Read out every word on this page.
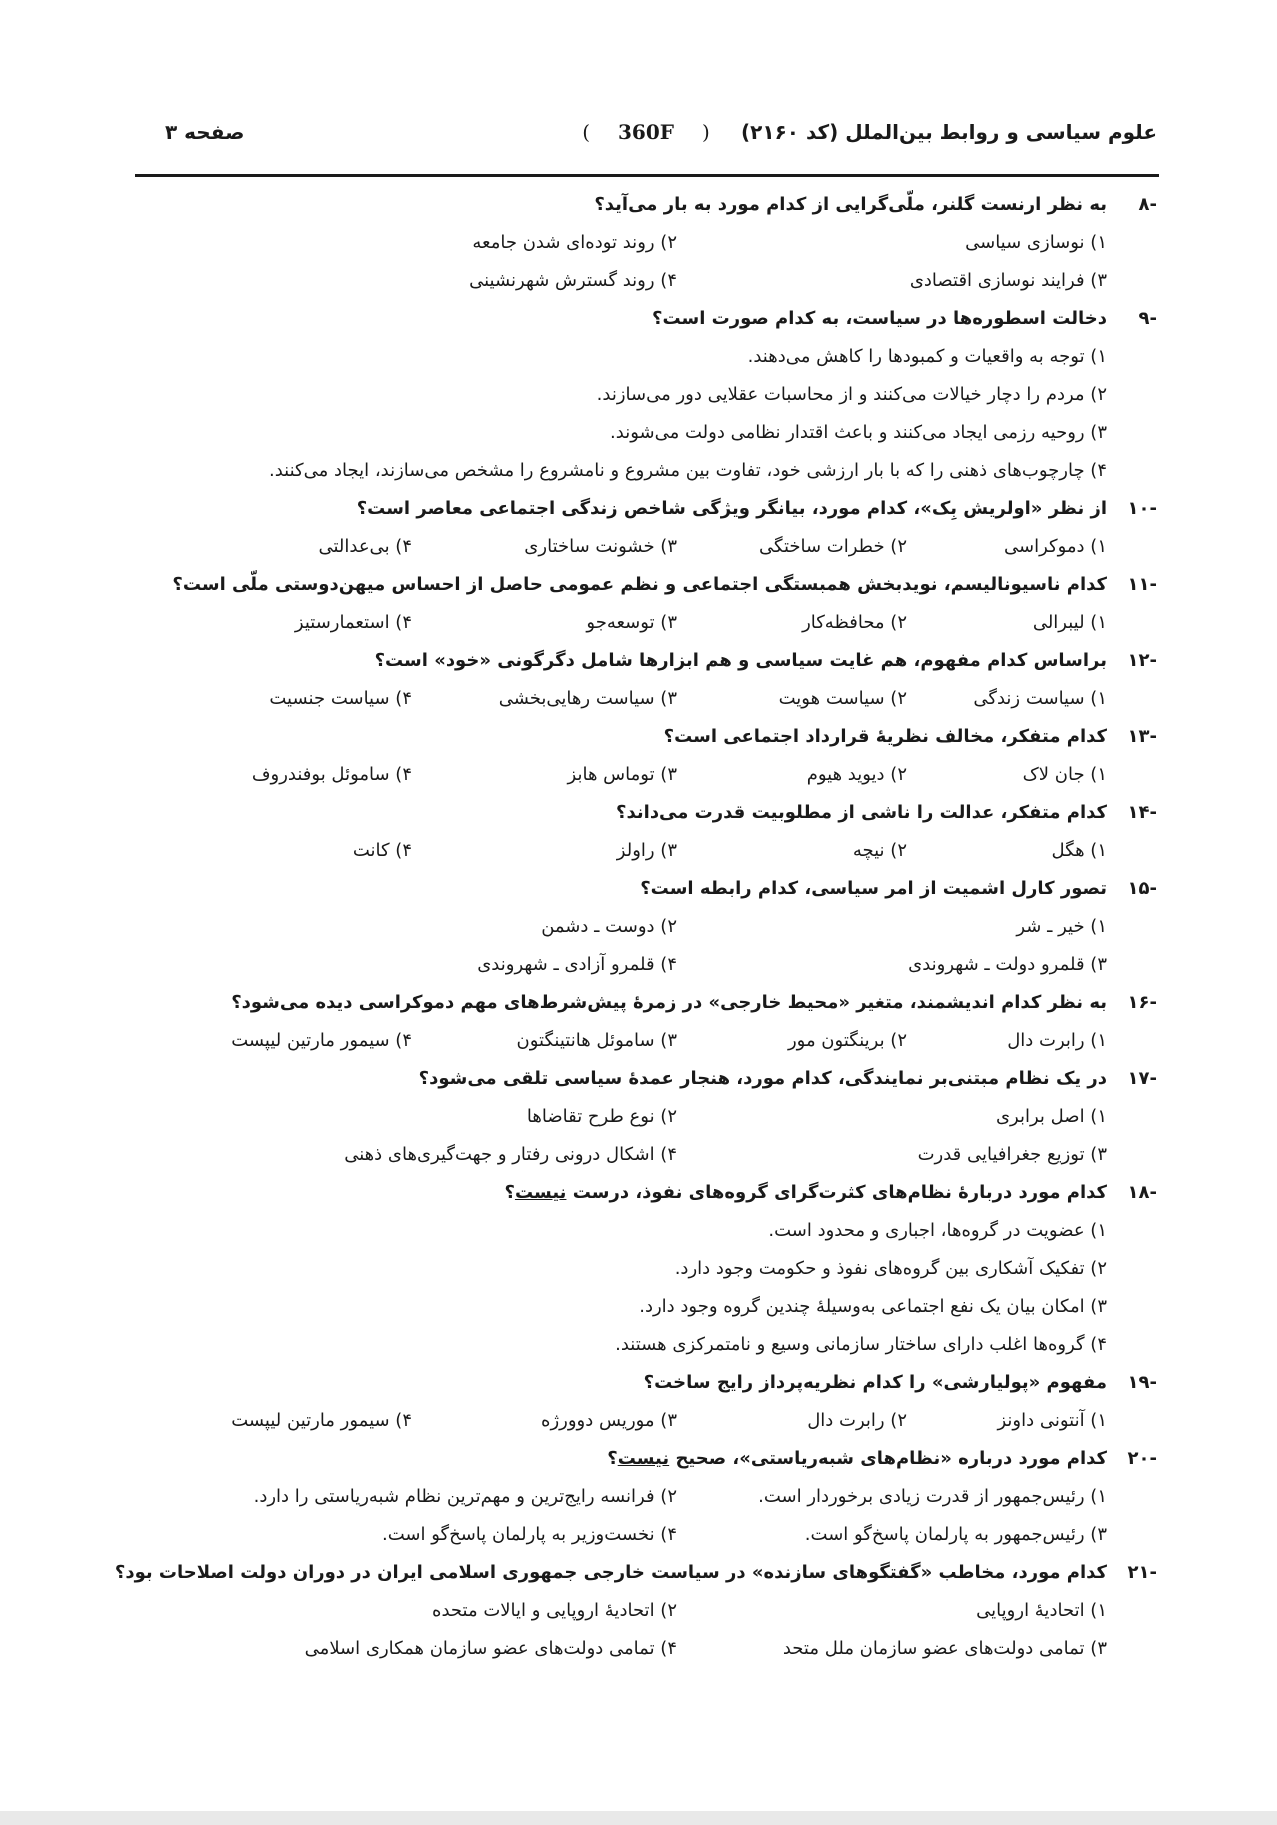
علوم سیاسی و روابط بین‌الملل (کد ۲۱۶۰)
( 360F )
صفحه ۳
-۸
به نظر ارنست گلنر، ملّی‌گرایی از کدام مورد به بار می‌آید؟
۱) نوسازی سیاسی
۲) روند توده‌ای شدن جامعه
۳) فرایند نوسازی اقتصادی
۴) روند گسترش شهرنشینی
-۹
دخالت اسطوره‌ها در سیاست، به کدام صورت است؟
۱) توجه به واقعیات و کمبودها را کاهش می‌دهند.
۲) مردم را دچار خیالات می‌کنند و از محاسبات عقلایی دور می‌سازند.
۳) روحیه رزمی ایجاد می‌کنند و باعث اقتدار نظامی دولت می‌شوند.
۴) چارچوب‌های ذهنی را که با بار ارزشی خود، تفاوت بین مشروع و نامشروع را مشخص می‌سازند، ایجاد می‌کنند.
-۱۰
از نظر «اولریش بِک»، کدام مورد، بیانگر ویژگی شاخص زندگی اجتماعی معاصر است؟
۱) دموکراسی
۲) خطرات ساختگی
۳) خشونت ساختاری
۴) بی‌عدالتی
-۱۱
کدام ناسیونالیسم، نویدبخش همبستگی اجتماعی و نظم عمومی حاصل از احساس میهن‌دوستی ملّی است؟
۱) لیبرالی
۲) محافظه‌کار
۳) توسعه‌جو
۴) استعمارستیز
-۱۲
براساس کدام مفهوم، هم غایت سیاسی و هم ابزارها شامل دگرگونی «خود» است؟
۱) سیاست زندگی
۲) سیاست هویت
۳) سیاست رهایی‌بخشی
۴) سیاست جنسیت
-۱۳
کدام متفکر، مخالف نظریهٔ قرارداد اجتماعی است؟
۱) جان لاک
۲) دیوید هیوم
۳) توماس هابز
۴) ساموئل بوفندروف
-۱۴
کدام متفکر، عدالت را ناشی از مطلوبیت قدرت می‌داند؟
۱) هگل
۲) نیچه
۳) راولز
۴) کانت
-۱۵
تصور کارل اشمیت از امر سیاسی، کدام رابطه است؟
۱) خیر ـ شر
۲) دوست ـ دشمن
۳) قلمرو دولت ـ شهروندی
۴) قلمرو آزادی ـ شهروندی
-۱۶
به نظر کدام اندیشمند، متغیر «محیط خارجی» در زمرهٔ پیش‌شرط‌های مهم دموکراسی دیده می‌شود؟
۱) رابرت دال
۲) برینگتون مور
۳) ساموئل هانتینگتون
۴) سیمور مارتین لیپست
-۱۷
در یک نظام مبتنی‌بر نمایندگی، کدام مورد، هنجار عمدهٔ سیاسی تلقی می‌شود؟
۱) اصل برابری
۲) نوع طرح تقاضاها
۳) توزیع جغرافیایی قدرت
۴) اشکال درونی رفتار و جهت‌گیری‌های ذهنی
-۱۸
کدام مورد دربارهٔ نظام‌های کثرت‌گرای گروه‌های نفوذ، درست نیست؟
۱) عضویت در گروه‌ها، اجباری و محدود است.
۲) تفکیک آشکاری بین گروه‌های نفوذ و حکومت وجود دارد.
۳) امکان بیان یک نفع اجتماعی به‌وسیلهٔ چندین گروه وجود دارد.
۴) گروه‌ها اغلب دارای ساختار سازمانی وسیع و نامتمرکزی هستند.
-۱۹
مفهوم «پولیارشی» را کدام نظریه‌پرداز رایج ساخت؟
۱) آنتونی داونز
۲) رابرت دال
۳) موریس دوورژه
۴) سیمور مارتین لیپست
-۲۰
کدام مورد درباره «نظام‌های شبه‌ریاستی»، صحیح نیست؟
۱) رئیس‌جمهور از قدرت زیادی برخوردار است.
۲) فرانسه رایج‌ترین و مهم‌ترین نظام شبه‌ریاستی را دارد.
۳) رئیس‌جمهور به پارلمان پاسخ‌گو است.
۴) نخست‌وزیر به پارلمان پاسخ‌گو است.
-۲۱
کدام مورد، مخاطب «گفتگوهای سازنده» در سیاست خارجی جمهوری اسلامی ایران در دوران دولت اصلاحات بود؟
۱) اتحادیهٔ اروپایی
۲) اتحادیهٔ اروپایی و ایالات متحده
۳) تمامی دولت‌های عضو سازمان ملل متحد
۴) تمامی دولت‌های عضو سازمان همکاری اسلامی
